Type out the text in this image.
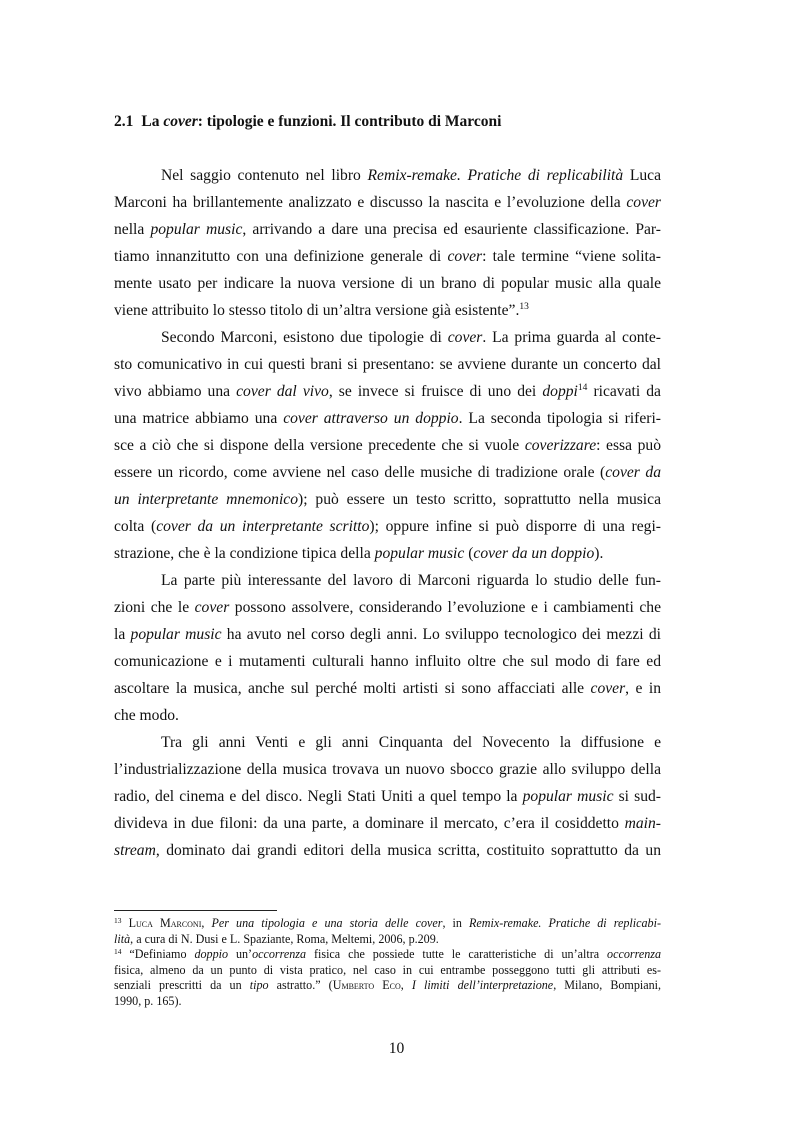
2.1 La cover: tipologie e funzioni. Il contributo di Marconi
Nel saggio contenuto nel libro Remix-remake. Pratiche di replicabilità Luca
Marconi ha brillantemente analizzato e discusso la nascita e l’evoluzione della cover
nella popular music, arrivando a dare una precisa ed esauriente classificazione. Par-
tiamo innanzitutto con una definizione generale di cover: tale termine “viene solita-
mente usato per indicare la nuova versione di un brano di popular music alla quale
viene attribuito lo stesso titolo di un’altra versione già esistente”.$^{13}$
Secondo Marconi, esistono due tipologie di cover. La prima guarda al conte-
sto comunicativo in cui questi brani si presentano: se avviene durante un concerto dal
vivo abbiamo una cover dal vivo, se invece si fruisce di uno dei doppi$^{14}$ ricavati da
una matrice abbiamo una cover attraverso un doppio. La seconda tipologia si riferi-
sce a ciò che si dispone della versione precedente che si vuole coverizzare: essa può
essere un ricordo, come avviene nel caso delle musiche di tradizione orale (cover da
un interpretante mnemonico); può essere un testo scritto, soprattutto nella musica
colta (cover da un interpretante scritto); oppure infine si può disporre di una regi-
strazione, che è la condizione tipica della popular music (cover da un doppio).
La parte più interessante del lavoro di Marconi riguarda lo studio delle fun-
zioni che le cover possono assolvere, considerando l’evoluzione e i cambiamenti che
la popular music ha avuto nel corso degli anni. Lo sviluppo tecnologico dei mezzi di
comunicazione e i mutamenti culturali hanno influito oltre che sul modo di fare ed
ascoltare la musica, anche sul perché molti artisti si sono affacciati alle cover, e in
che modo.
Tra gli anni Venti e gli anni Cinquanta del Novecento la diffusione e
l’industrializzazione della musica trovava un nuovo sbocco grazie allo sviluppo della
radio, del cinema e del disco. Negli Stati Uniti a quel tempo la popular music si sud-
divideva in due filoni: da una parte, a dominare il mercato, c’era il cosiddetto main-
stream, dominato dai grandi editori della musica scritta, costituito soprattutto da un
$^{13}$ Luca Marconi, Per una tipologia e una storia delle cover, in Remix-remake. Pratiche di replicabi-
lità, a cura di N. Dusi e L. Spaziante, Roma, Meltemi, 2006, p.209.
$^{14}$ “Definiamo doppio un’occorrenza fisica che possiede tutte le caratteristiche di un’altra occorrenza
fisica, almeno da un punto di vista pratico, nel caso in cui entrambe posseggono tutti gli attributi es-
senziali prescritti da un tipo astratto.” (Umberto Eco, I limiti dell’interpretazione, Milano, Bompiani,
1990, p. 165).
10
